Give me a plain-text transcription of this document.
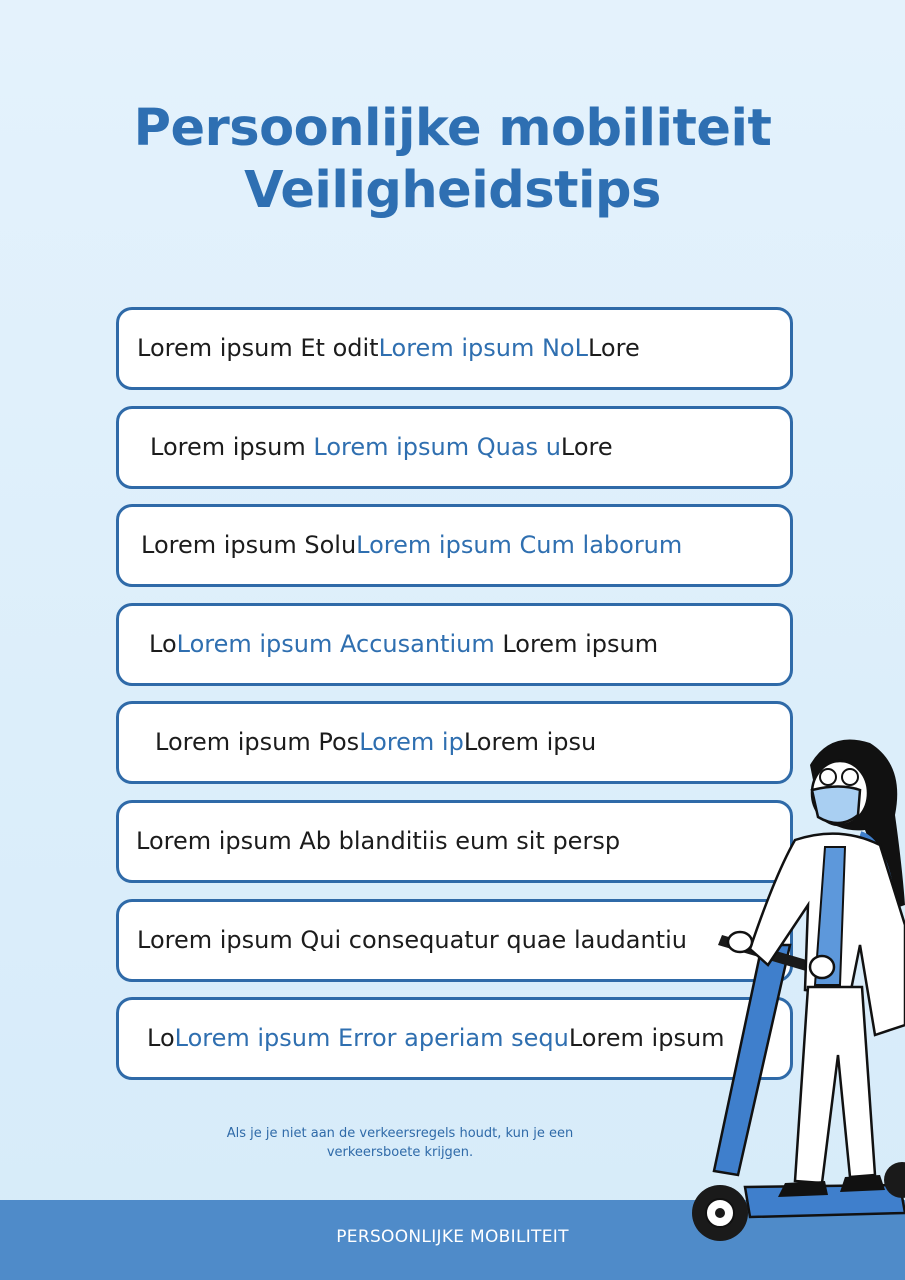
Persoonlijke mobiliteit
Veiligheidstips
Lorem ipsum Et oditLorem ipsum NoLLore
Lorem ipsum Lorem ipsum Quas uLore
Lorem ipsum SoluLorem ipsum Cum laborum
LoLorem ipsum Accusantium Lorem ipsum
Lorem ipsum PosLorem ipLorem ipsu
Lorem ipsum Ab blanditiis eum sit persp
Lorem ipsum Qui consequatur quae laudantiu
LoLorem ipsum Error aperiam sequLorem ipsum

Als je je niet aan de verkeersregels houdt, kun je een
verkeersboete krijgen.

PERSOONLIJKE MOBILITEIT
